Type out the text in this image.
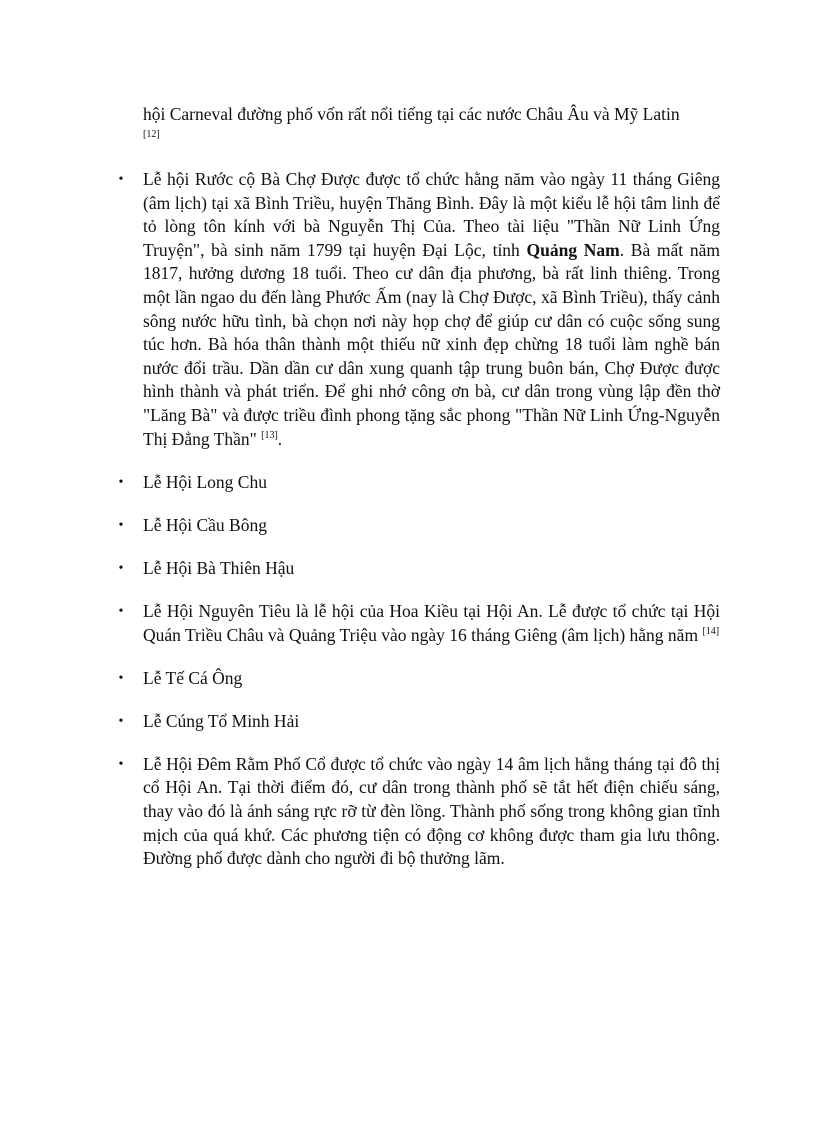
hội Carneval đường phố vốn rất nổi tiếng tại các nước Châu Âu và Mỹ Latin
[12]

• Lễ hội Rước cộ Bà Chợ Được được tổ chức hằng năm vào ngày 11 tháng Giêng (âm lịch) tại xã Bình Triều, huyện Thăng Bình. Đây là một kiểu lễ hội tâm linh để tỏ lòng tôn kính với bà Nguyễn Thị Của. Theo tài liệu "Thần Nữ Linh Ứng Truyện", bà sinh năm 1799 tại huyện Đại Lộc, tỉnh Quảng Nam. Bà mất năm 1817, hưởng dương 18 tuổi. Theo cư dân địa phương, bà rất linh thiêng. Trong một lần ngao du đến làng Phước Ấm (nay là Chợ Được, xã Bình Triều), thấy cảnh sông nước hữu tình, bà chọn nơi này họp chợ để giúp cư dân có cuộc sống sung túc hơn. Bà hóa thân thành một thiếu nữ xinh đẹp chừng 18 tuổi làm nghề bán nước đổi trầu. Dần dần cư dân xung quanh tập trung buôn bán, Chợ Được được hình thành và phát triển. Để ghi nhớ công ơn bà, cư dân trong vùng lập đền thờ "Lăng Bà" và được triều đình phong tặng sắc phong "Thần Nữ Linh Ứng-Nguyễn Thị Đẳng Thần" [13].
• Lễ Hội Long Chu
• Lễ Hội Cầu Bông
• Lễ Hội Bà Thiên Hậu
• Lễ Hội Nguyên Tiêu là lễ hội của Hoa Kiều tại Hội An. Lễ được tổ chức tại Hội Quán Triều Châu và Quảng Triệu vào ngày 16 tháng Giêng (âm lịch) hằng năm [14]
• Lễ Tế Cá Ông
• Lễ Cúng Tổ Minh Hải
• Lễ Hội Đêm Rằm Phố Cổ được tổ chức vào ngày 14 âm lịch hằng tháng tại đô thị cổ Hội An. Tại thời điểm đó, cư dân trong thành phố sẽ tắt hết điện chiếu sáng, thay vào đó là ánh sáng rực rỡ từ đèn lồng. Thành phố sống trong không gian tĩnh mịch của quá khứ. Các phương tiện có động cơ không được tham gia lưu thông. Đường phố được dành cho người đi bộ thưởng lãm.
